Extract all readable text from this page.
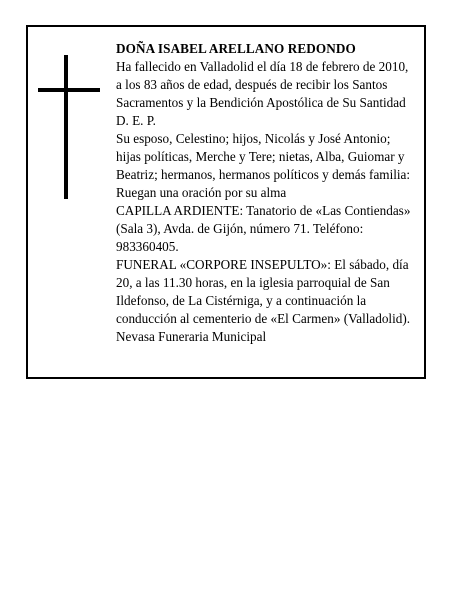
DOÑA ISABEL ARELLANO REDONDO

Ha fallecido en Valladolid el día 18 de febrero de 2010,

a los 83 años de edad, después de recibir los Santos

Sacramentos y la Bendición Apostólica de Su Santidad

D. E. P.

Su esposo, Celestino; hijos, Nicolás y José Antonio;

hijas políticas, Merche y Tere; nietas, Alba, Guiomar y

Beatriz; hermanos, hermanos políticos y demás familia:

Ruegan una oración por su alma

CAPILLA ARDIENTE: Tanatorio de «Las Contiendas»

(Sala 3), Avda. de Gijón, número 71. Teléfono:

983360405.

FUNERAL «CORPORE INSEPULTO»: El sábado, día

20, a las 11.30 horas, en la iglesia parroquial de San

Ildefonso, de La Cistérniga, y a continuación la

conducción al cementerio de «El Carmen» (Valladolid).

Nevasa Funeraria Municipal
